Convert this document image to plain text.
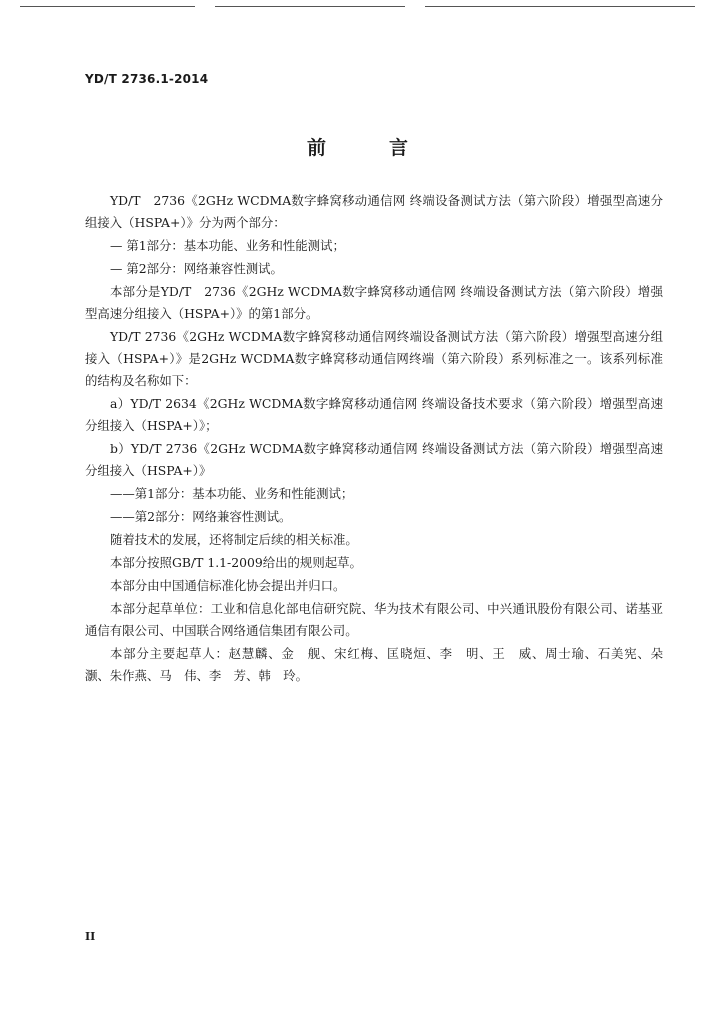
YD/T 2736.1-2014
前　言

YD/T　2736《2GHz WCDMA数字蜂窝移动通信网 终端设备测试方法（第六阶段）增强型高速分组接入（HSPA+）》分为两个部分：

— 第1部分：基本功能、业务和性能测试；

— 第2部分：网络兼容性测试。

本部分是YD/T　2736《2GHz WCDMA数字蜂窝移动通信网 终端设备测试方法（第六阶段）增强型高速分组接入（HSPA+）》的第1部分。

YD/T 2736《2GHz WCDMA数字蜂窝移动通信网终端设备测试方法（第六阶段）增强型高速分组接入（HSPA+）》是2GHz WCDMA数字蜂窝移动通信网终端（第六阶段）系列标准之一。该系列标准的结构及名称如下：

a）YD/T 2634《2GHz WCDMA数字蜂窝移动通信网 终端设备技术要求（第六阶段）增强型高速分组接入（HSPA+）》；

b）YD/T 2736《2GHz WCDMA数字蜂窝移动通信网 终端设备测试方法（第六阶段）增强型高速分组接入（HSPA+）》

——第1部分：基本功能、业务和性能测试；

——第2部分：网络兼容性测试。

随着技术的发展，还将制定后续的相关标准。

本部分按照GB/T 1.1-2009给出的规则起草。

本部分由中国通信标准化协会提出并归口。

本部分起草单位：工业和信息化部电信研究院、华为技术有限公司、中兴通讯股份有限公司、诺基亚通信有限公司、中国联合网络通信集团有限公司。

本部分主要起草人：赵慧麟、金　舰、宋红梅、匡晓烜、李　明、王　威、周士瑜、石美宪、朵　灏、朱作燕、马　伟、李　芳、韩　玲。

II
